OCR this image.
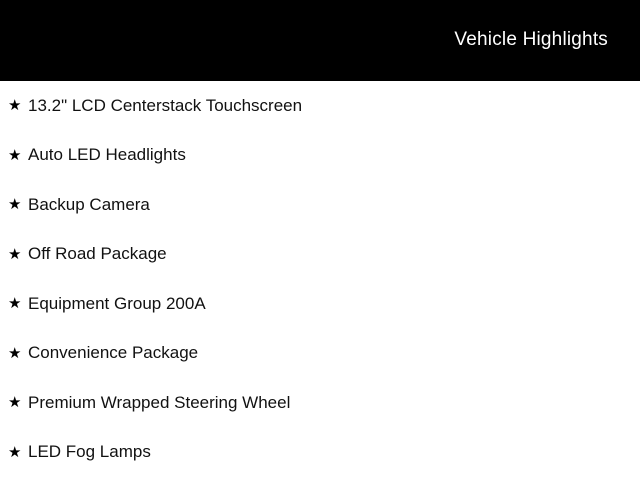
Vehicle Highlights
★ 13.2" LCD Centerstack Touchscreen
★ Auto LED Headlights
★ Backup Camera
★ Off Road Package
★ Equipment Group 200A
★ Convenience Package
★ Premium Wrapped Steering Wheel
★ LED Fog Lamps
